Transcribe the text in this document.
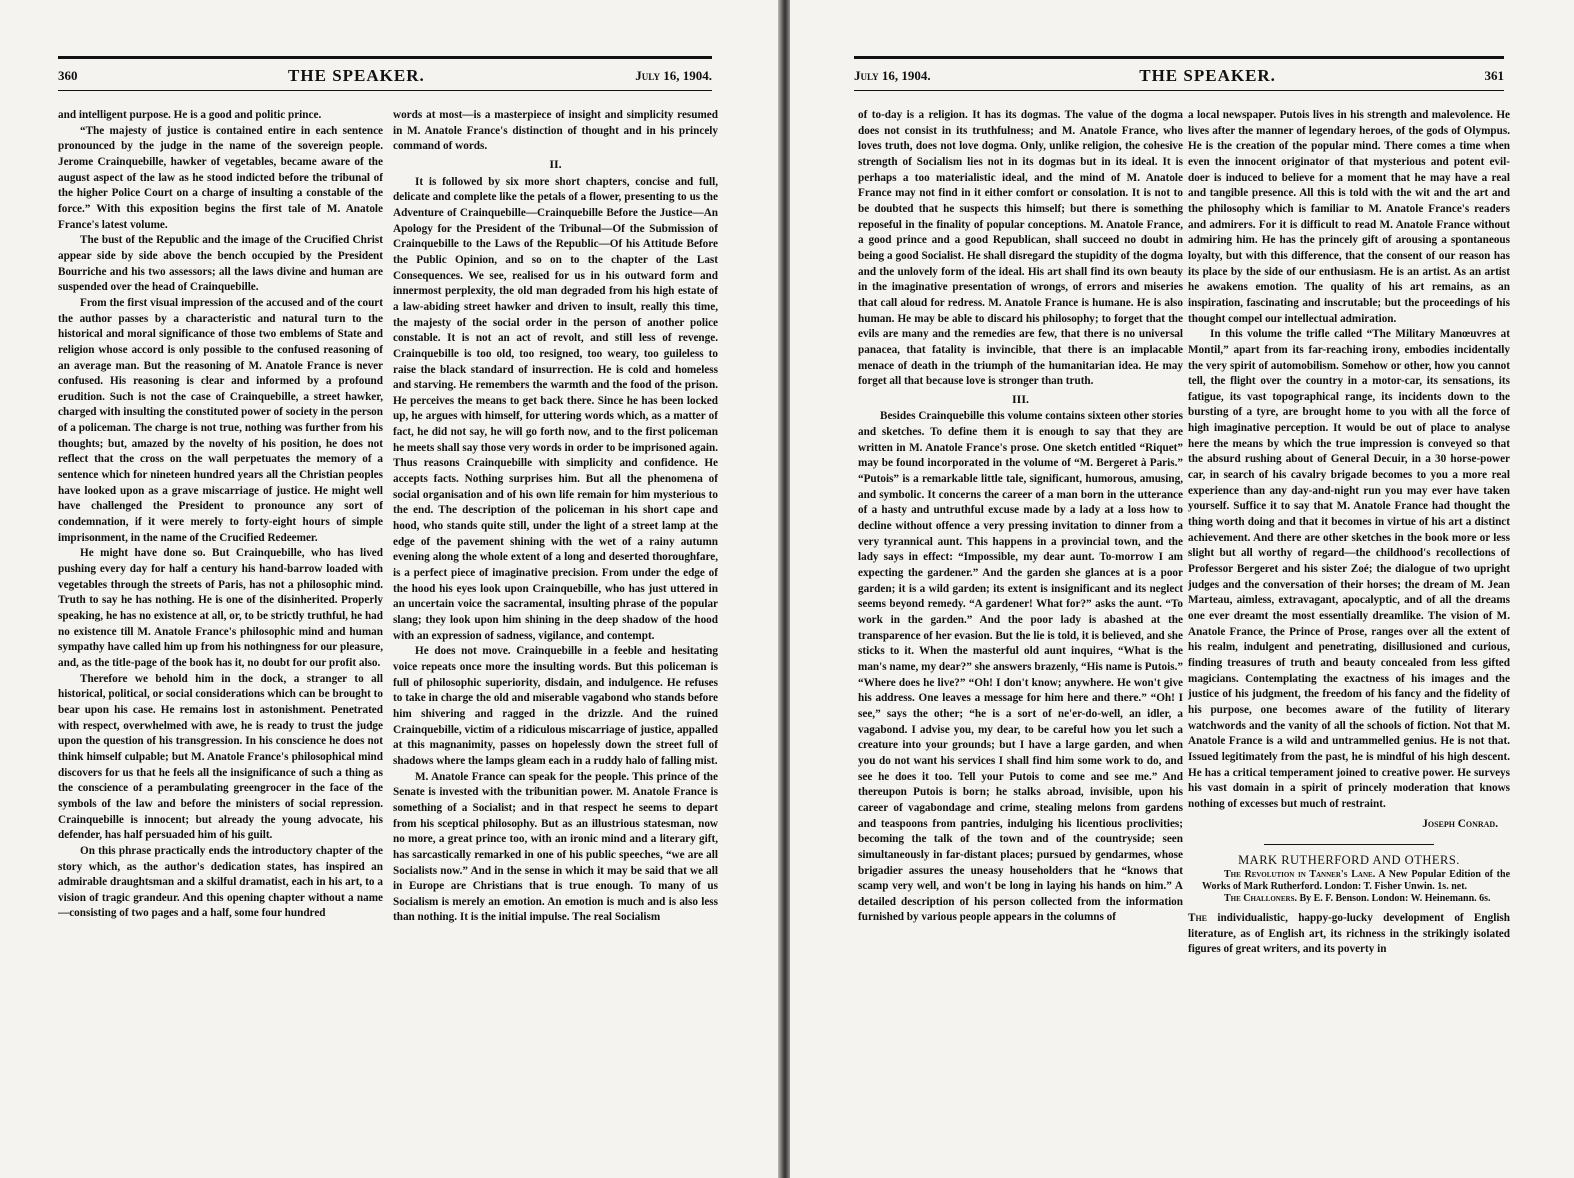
360	THE SPEAKER.	July 16, 1904.

and intelligent purpose. He is a good and politic prince.

“The majesty of justice is contained entire in each sentence pronounced by the judge in the name of the sovereign people. Jerome Crainquebille, hawker of vegetables, became aware of the august aspect of the law as he stood indicted before the tribunal of the higher Police Court on a charge of insulting a constable of the force.” With this exposition begins the first tale of M. Anatole France's latest volume.

The bust of the Republic and the image of the Crucified Christ appear side by side above the bench occupied by the President Bourriche and his two assessors; all the laws divine and human are suspended over the head of Crainquebille.

From the first visual impression of the accused and of the court the author passes by a characteristic and natural turn to the historical and moral significance of those two emblems of State and religion whose accord is only possible to the confused reasoning of an average man. But the reasoning of M. Anatole France is never confused. His reasoning is clear and informed by a profound erudition. Such is not the case of Crainquebille, a street hawker, charged with insulting the constituted power of society in the person of a policeman. The charge is not true, nothing was further from his thoughts; but, amazed by the novelty of his position, he does not reflect that the cross on the wall perpetuates the memory of a sentence which for nineteen hundred years all the Christian peoples have looked upon as a grave miscarriage of justice. He might well have challenged the President to pronounce any sort of condemnation, if it were merely to forty-eight hours of simple imprisonment, in the name of the Crucified Redeemer.

He might have done so. But Crainquebille, who has lived pushing every day for half a century his hand-barrow loaded with vegetables through the streets of Paris, has not a philosophic mind. Truth to say he has nothing. He is one of the disinherited. Properly speaking, he has no existence at all, or, to be strictly truthful, he had no existence till M. Anatole France's philosophic mind and human sympathy have called him up from his nothingness for our pleasure, and, as the title-page of the book has it, no doubt for our profit also.

Therefore we behold him in the dock, a stranger to all historical, political, or social considerations which can be brought to bear upon his case. He remains lost in astonishment. Penetrated with respect, overwhelmed with awe, he is ready to trust the judge upon the question of his transgression. In his conscience he does not think himself culpable; but M. Anatole France's philosophical mind discovers for us that he feels all the insignificance of such a thing as the conscience of a perambulating greengrocer in the face of the symbols of the law and before the ministers of social repression. Crainquebille is innocent; but already the young advocate, his defender, has half persuaded him of his guilt.

On this phrase practically ends the introductory chapter of the story which, as the author's dedication states, has inspired an admirable draughtsman and a skilful dramatist, each in his art, to a vision of tragic grandeur. And this opening chapter without a name—consisting of two pages and a half, some four hundred

words at most—is a masterpiece of insight and simplicity resumed in M. Anatole France's distinction of thought and in his princely command of words.

II.

It is followed by six more short chapters, concise and full, delicate and complete like the petals of a flower, presenting to us the Adventure of Crainquebille—Crainquebille Before the Justice—An Apology for the President of the Tribunal—Of the Submission of Crainquebille to the Laws of the Republic—Of his Attitude Before the Public Opinion, and so on to the chapter of the Last Consequences. We see, realised for us in his outward form and innermost perplexity, the old man degraded from his high estate of a law-abiding street hawker and driven to insult, really this time, the majesty of the social order in the person of another police constable. It is not an act of revolt, and still less of revenge. Crainquebille is too old, too resigned, too weary, too guileless to raise the black standard of insurrection. He is cold and homeless and starving. He remembers the warmth and the food of the prison. He perceives the means to get back there. Since he has been locked up, he argues with himself, for uttering words which, as a matter of fact, he did not say, he will go forth now, and to the first policeman he meets shall say those very words in order to be imprisoned again. Thus reasons Crainquebille with simplicity and confidence. He accepts facts. Nothing surprises him. But all the phenomena of social organisation and of his own life remain for him mysterious to the end. The description of the policeman in his short cape and hood, who stands quite still, under the light of a street lamp at the edge of the pavement shining with the wet of a rainy autumn evening along the whole extent of a long and deserted thoroughfare, is a perfect piece of imaginative precision. From under the edge of the hood his eyes look upon Crainquebille, who has just uttered in an uncertain voice the sacramental, insulting phrase of the popular slang; they look upon him shining in the deep shadow of the hood with an expression of sadness, vigilance, and contempt.

He does not move. Crainquebille in a feeble and hesitating voice repeats once more the insulting words. But this policeman is full of philosophic superiority, disdain, and indulgence. He refuses to take in charge the old and miserable vagabond who stands before him shivering and ragged in the drizzle. And the ruined Crainquebille, victim of a ridiculous miscarriage of justice, appalled at this magnanimity, passes on hopelessly down the street full of shadows where the lamps gleam each in a ruddy halo of falling mist.

M. Anatole France can speak for the people. This prince of the Senate is invested with the tribunitian power. M. Anatole France is something of a Socialist; and in that respect he seems to depart from his sceptical philosophy. But as an illustrious statesman, now no more, a great prince too, with an ironic mind and a literary gift, has sarcastically remarked in one of his public speeches, “we are all Socialists now.” And in the sense in which it may be said that we all in Europe are Christians that is true enough. To many of us Socialism is merely an emotion. An emotion is much and is also less than nothing. It is the initial impulse. The real Socialism

July 16, 1904.	THE SPEAKER.	361

of to-day is a religion. It has its dogmas. The value of the dogma does not consist in its truthfulness; and M. Anatole France, who loves truth, does not love dogma. Only, unlike religion, the cohesive strength of Socialism lies not in its dogmas but in its ideal. It is perhaps a too materialistic ideal, and the mind of M. Anatole France may not find in it either comfort or consolation. It is not to be doubted that he suspects this himself; but there is something reposeful in the finality of popular conceptions. M. Anatole France, a good prince and a good Republican, shall succeed no doubt in being a good Socialist. He shall disregard the stupidity of the dogma and the unlovely form of the ideal. His art shall find its own beauty in the imaginative presentation of wrongs, of errors and miseries that call aloud for redress. M. Anatole France is humane. He is also human. He may be able to discard his philosophy; to forget that the evils are many and the remedies are few, that there is no universal panacea, that fatality is invincible, that there is an implacable menace of death in the triumph of the humanitarian idea. He may forget all that because love is stronger than truth.

III.

Besides Crainquebille this volume contains sixteen other stories and sketches. To define them it is enough to say that they are written in M. Anatole France's prose. One sketch entitled “Riquet” may be found incorporated in the volume of “M. Bergeret à Paris.” “Putois” is a remarkable little tale, significant, humorous, amusing, and symbolic. It concerns the career of a man born in the utterance of a hasty and untruthful excuse made by a lady at a loss how to decline without offence a very pressing invitation to dinner from a very tyrannical aunt. This happens in a provincial town, and the lady says in effect: “Impossible, my dear aunt. To-morrow I am expecting the gardener.” And the garden she glances at is a poor garden; it is a wild garden; its extent is insignificant and its neglect seems beyond remedy. “A gardener! What for?” asks the aunt. “To work in the garden.” And the poor lady is abashed at the transparence of her evasion. But the lie is told, it is believed, and she sticks to it. When the masterful old aunt inquires, “What is the man's name, my dear?” she answers brazenly, “His name is Putois.” “Where does he live?” “Oh! I don't know; anywhere. He won't give his address. One leaves a message for him here and there.” “Oh! I see,” says the other; “he is a sort of ne'er-do-well, an idler, a vagabond. I advise you, my dear, to be careful how you let such a creature into your grounds; but I have a large garden, and when you do not want his services I shall find him some work to do, and see he does it too. Tell your Putois to come and see me.” And thereupon Putois is born; he stalks abroad, invisible, upon his career of vagabondage and crime, stealing melons from gardens and teaspoons from pantries, indulging his licentious proclivities; becoming the talk of the town and of the countryside; seen simultaneously in far-distant places; pursued by gendarmes, whose brigadier assures the uneasy householders that he “knows that scamp very well, and won't be long in laying his hands on him.” A detailed description of his person collected from the information furnished by various people appears in the columns of

a local newspaper. Putois lives in his strength and malevolence. He lives after the manner of legendary heroes, of the gods of Olympus. He is the creation of the popular mind. There comes a time when even the innocent originator of that mysterious and potent evil-doer is induced to believe for a moment that he may have a real and tangible presence. All this is told with the wit and the art and the philosophy which is familiar to M. Anatole France's readers and admirers. For it is difficult to read M. Anatole France without admiring him. He has the princely gift of arousing a spontaneous loyalty, but with this difference, that the consent of our reason has its place by the side of our enthusiasm. He is an artist. As an artist he awakens emotion. The quality of his art remains, as an inspiration, fascinating and inscrutable; but the proceedings of his thought compel our intellectual admiration.

In this volume the trifle called “The Military Manœuvres at Montil,” apart from its far-reaching irony, embodies incidentally the very spirit of automobilism. Somehow or other, how you cannot tell, the flight over the country in a motor-car, its sensations, its fatigue, its vast topographical range, its incidents down to the bursting of a tyre, are brought home to you with all the force of high imaginative perception. It would be out of place to analyse here the means by which the true impression is conveyed so that the absurd rushing about of General Decuir, in a 30 horse-power car, in search of his cavalry brigade becomes to you a more real experience than any day-and-night run you may ever have taken yourself. Suffice it to say that M. Anatole France had thought the thing worth doing and that it becomes in virtue of his art a distinct achievement. And there are other sketches in the book more or less slight but all worthy of regard—the childhood's recollections of Professor Bergeret and his sister Zoé; the dialogue of two upright judges and the conversation of their horses; the dream of M. Jean Marteau, aimless, extravagant, apocalyptic, and of all the dreams one ever dreamt the most essentially dreamlike. The vision of M. Anatole France, the Prince of Prose, ranges over all the extent of his realm, indulgent and penetrating, disillusioned and curious, finding treasures of truth and beauty concealed from less gifted magicians. Contemplating the exactness of his images and the justice of his judgment, the freedom of his fancy and the fidelity of his purpose, one becomes aware of the futility of literary watchwords and the vanity of all the schools of fiction. Not that M. Anatole France is a wild and untrammelled genius. He is not that. Issued legitimately from the past, he is mindful of his high descent. He has a critical temperament joined to creative power. He surveys his vast domain in a spirit of princely moderation that knows nothing of excesses but much of restraint.

Joseph Conrad.
MARK RUTHERFORD AND OTHERS.

The Revolution in Tanner's Lane. A New Popular Edition of the Works of Mark Rutherford. London: T. Fisher Unwin. 1s. net.

The Challoners. By E. F. Benson. London: W. Heinemann. 6s.

The individualistic, happy-go-lucky development of English literature, as of English art, its richness in the strikingly isolated figures of great writers, and its poverty in
